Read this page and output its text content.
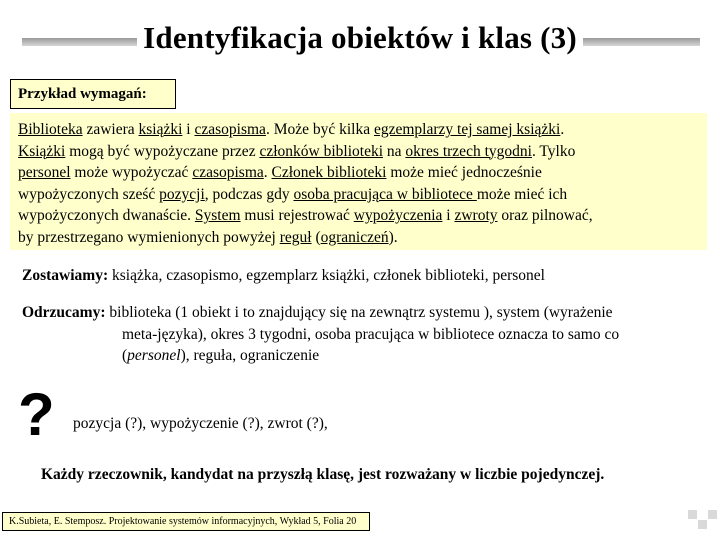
Identyfikacja obiektów i klas (3)
Przykład wymagań:
Biblioteka zawiera książki i czasopisma. Może być kilka egzemplarzy tej samej książki.
Książki mogą być wypożyczane przez członków biblioteki na okres trzech tygodni. Tylko
personel może wypożyczać czasopisma. Członek biblioteki może mieć jednocześnie
wypożyczonych sześć pozycji, podczas gdy osoba pracująca w bibliotece może mieć ich
wypożyczonych dwanaście. System musi rejestrować wypożyczenia i zwroty oraz pilnować,
by przestrzegano wymienionych powyżej reguł (ograniczeń).
Zostawiamy: książka, czasopismo, egzemplarz książki, członek biblioteki, personel
Odrzucamy: biblioteka (1 obiekt i to znajdujący się na zewnątrz systemu ), system (wyrażenie
meta-języka), okres 3 tygodni, osoba pracująca w bibliotece oznacza to samo co
(personel), reguła, ograniczenie
? pozycja (?), wypożyczenie (?), zwrot (?),
Każdy rzeczownik, kandydat na przyszłą klasę, jest rozważany w liczbie pojedynczej.
K.Subieta, E. Stemposz. Projektowanie systemów informacyjnych, Wykład 5, Folia 20
